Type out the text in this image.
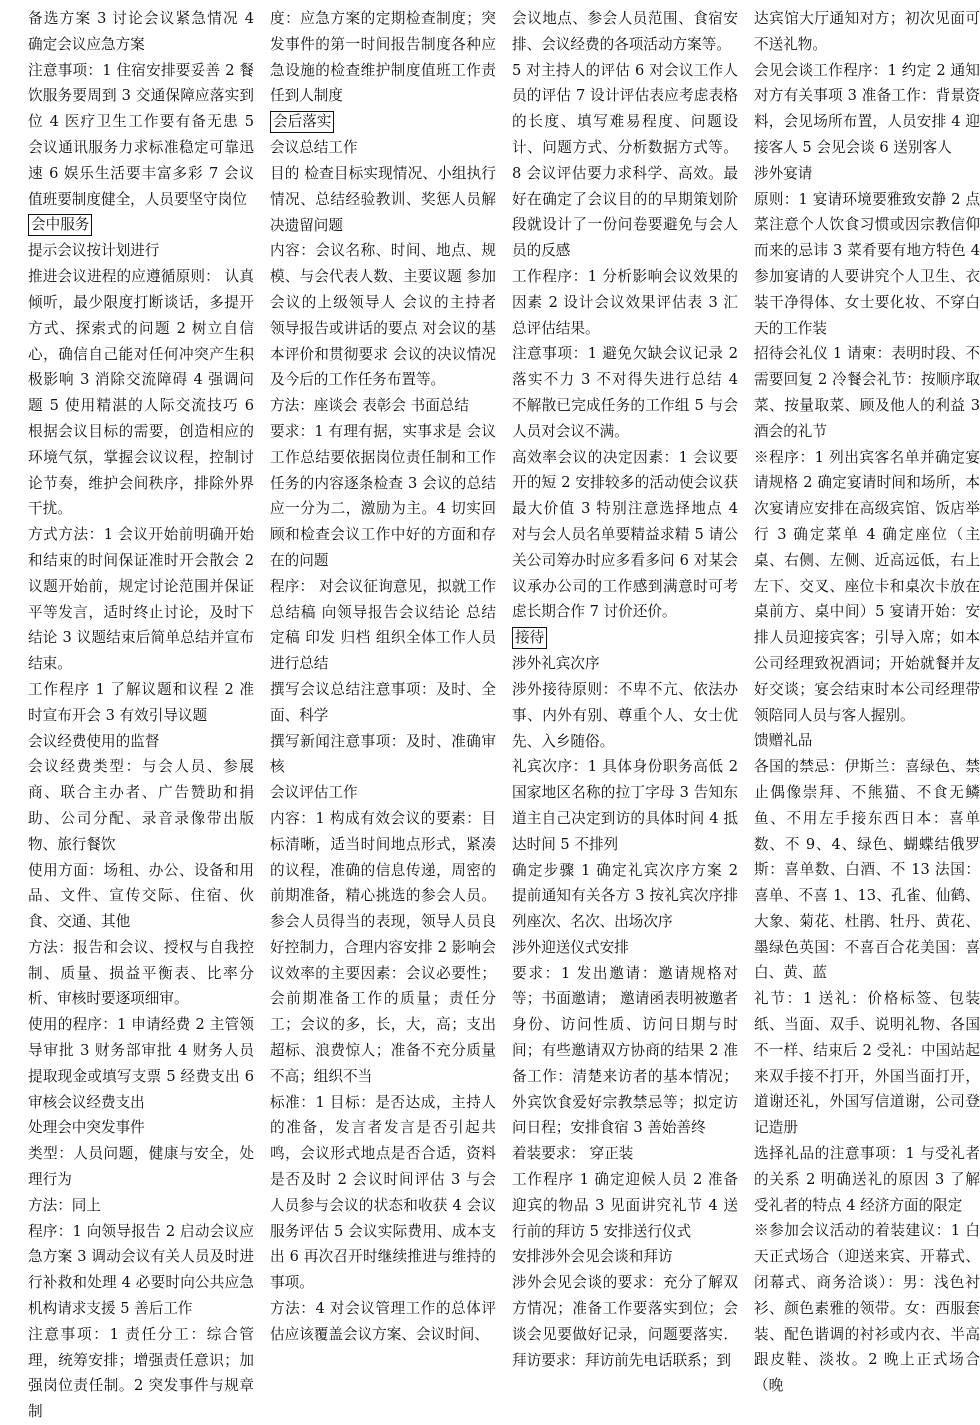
备选方案 3 讨论会议紧急情况 4 确定会议应急方案

注意事项：1 住宿安排要妥善 2 餐饮服务要周到 3 交通保障应落实到位 4 医疗卫生工作要有备无患 5 会议通讯服务力求标准稳定可靠迅速 6 娱乐生活要丰富多彩 7 会议值班要制度健全，人员要坚守岗位

会中服务

提示会议按计划进行

推进会议进程的应遵循原则： 认真倾听，最少限度打断谈话，多提开方式、探索式的问题 2 树立自信心，确信自己能对任何冲突产生积极影响 3 消除交流障碍 4 强调问题 5 使用精湛的人际交流技巧 6 根据会议目标的需要，创造相应的环境气氛，掌握会议议程，控制讨论节奏，维护会间秩序，排除外界干扰。

方式方法：1 会议开始前明确开始和结束的时间保证准时开会散会 2 议题开始前，规定讨论范围并保证平等发言，适时终止讨论，及时下结论 3 议题结束后简单总结并宣布结束。

工作程序 1 了解议题和议程 2 准时宣布开会 3 有效引导议题

会议经费使用的监督

会议经费类型：与会人员、参展商、联合主办者、广告赞助和捐助、公司分配、录音录像带出版物、旅行餐饮

使用方面：场租、办公、设备和用品、文件、宣传交际、住宿、伙食、交通、其他

方法：报告和会议、授权与自我控制、质量、损益平衡表、比率分析、审核时要逐项细审。

使用的程序：1 申请经费 2 主管领导审批 3 财务部审批 4 财务人员提取现金或填写支票 5 经费支出 6 审核会议经费支出

处理会中突发事件

类型：人员问题，健康与安全，处理行为

方法：同上

程序：1 向领导报告 2 启动会议应急方案 3 调动会议有关人员及时进行补救和处理 4 必要时向公共应急机构请求支援 5 善后工作

注意事项：1 责任分工：综合管理，统筹安排；增强责任意识；加强岗位责任制。2 突发事件与规章制

度：应急方案的定期检查制度；突发事件的第一时间报告制度各种应急设施的检查维护制度值班工作责任到人制度

会后落实

会议总结工作

目的 检查目标实现情况、小组执行情况、总结经验教训、奖惩人员解决遗留问题

内容：会议名称、时间、地点、规模、与会代表人数、主要议题 参加会议的上级领导人 会议的主持者 领导报告或讲话的要点 对会议的基本评价和贯彻要求 会议的决议情况及今后的工作任务布置等。

方法：座谈会 表彰会 书面总结

要求：1 有理有据，实事求是 会议工作总结要依据岗位责任制和工作任务的内容逐条检查 3 会议的总结应一分为二，激励为主。4 切实回顾和检查会议工作中好的方面和存在的问题

程序： 对会议征询意见，拟就工作总结稿 向领导报告会议结论 总结定稿 印发 归档 组织全体工作人员进行总结

撰写会议总结注意事项：及时、全面、科学

撰写新闻注意事项：及时、准确审核

会议评估工作

内容：1 构成有效会议的要素：目标清晰，适当时间地点形式，紧凑的议程，准确的信息传递，周密的前期准备，精心挑选的参会人员。参会人员得当的表现，领导人员良好控制力，合理内容安排 2 影响会议效率的主要因素：会议必要性；会前期准备工作的质量；责任分工；会议的多，长，大，高；支出超标、浪费惊人；准备不充分质量不高；组织不当

标准：1 目标：是否达成，主持人的准备，发言者发言是否引起共鸣，会议形式地点是否合适，资料是否及时 2 会议时间评估 3 与会人员参与会议的状态和收获 4 会议服务评估 5 会议实际费用、成本支出 6 再次召开时继续推进与维持的事项。

方法：4 对会议管理工作的总体评估应该覆盖会议方案、会议时间、

会议地点、参会人员范围、食宿安排、会议经费的各项活动方案等。

5 对主持人的评估 6 对会议工作人员的评估 7 设计评估表应考虑表格的长度、填写难易程度、问题设计、问题方式、分析数据方式等。8 会议评估要力求科学、高效。最好在确定了会议目的的早期策划阶段就设计了一份问卷要避免与会人员的反感

工作程序：1 分析影响会议效果的因素 2 设计会议效果评估表 3 汇总评估结果。

注意事项：1 避免欠缺会议记录 2 落实不力 3 不对得失进行总结 4 不解散已完成任务的工作组 5 与会人员对会议不满。

高效率会议的决定因素：1 会议要开的短 2 安排较多的活动使会议获最大价值 3 特别注意选择地点 4 对与会人员名单要精益求精 5 请公关公司筹办时应多看多问 6 对某会议承办公司的工作感到满意时可考虑长期合作 7 讨价还价。

接待

涉外礼宾次序

涉外接待原则：不卑不亢、依法办事、内外有别、尊重个人、女士优先、入乡随俗。

礼宾次序：1 具体身份职务高低 2 国家地区名称的拉丁字母 3 告知东道主自己决定到访的具体时间 4 抵达时间 5 不排列

确定步骤 1 确定礼宾次序方案 2 提前通知有关各方 3 按礼宾次序排列座次、名次、出场次序

涉外迎送仪式安排

要求：1 发出邀请：邀请规格对等；书面邀请； 邀请函表明被邀者身份、访问性质、访问日期与时间；有些邀请双方协商的结果 2 准备工作：清楚来访者的基本情况；外宾饮食爱好宗教禁忌等；拟定访问日程；安排食宿 3 善始善终

着装要求： 穿正装

工作程序 1 确定迎候人员 2 准备迎宾的物品 3 见面讲究礼节 4 送行前的拜访 5 安排送行仪式

安排涉外会见会谈和拜访

涉外会见会谈的要求：充分了解双方情况；准备工作要落实到位；会谈会见要做好记录，问题要落实．拜访要求：拜访前先电话联系；到

达宾馆大厅通知对方；初次见面可不送礼物。

会见会谈工作程序：1 约定 2 通知对方有关事项 3 准备工作：背景资料，会见场所布置，人员安排 4 迎接客人 5 会见会谈 6 送别客人

涉外宴请

原则：1 宴请环境要雅致安静 2 点菜注意个人饮食习惯或因宗教信仰而来的忌讳 3 菜肴要有地方特色 4 参加宴请的人要讲究个人卫生、衣装干净得体、女士要化妆、不穿白天的工作装

招待会礼仪 1 请柬：表明时段、不需要回复 2 冷餐会礼节：按顺序取菜、按量取菜、顾及他人的利益 3 酒会的礼节

※程序：1 列出宾客名单并确定宴请规格 2 确定宴请时间和场所，本次宴请应安排在高级宾馆、饭店举行 3 确定菜单 4 确定座位（主桌、右侧、左侧、近高远低，右上左下、交叉、座位卡和桌次卡放在桌前方、桌中间）5 宴请开始：安排人员迎接宾客；引导入席；如本公司经理致祝酒词；开始就餐并友好交谈；宴会结束时本公司经理带领陪同人员与客人握别。

馈赠礼品

各国的禁忌：伊斯兰：喜绿色、禁止偶像崇拜、不熊猫、不食无鳞鱼、不用左手接东西日本：喜单数、不 9、4、绿色、蝴蝶结俄罗斯：喜单数、白酒、不 13 法国：喜单、不喜 1、13、孔雀、仙鹤、大象、菊花、杜鹃、牡丹、黄花、墨绿色英国：不喜百合花美国：喜白、黄、蓝

礼节：1 送礼：价格标签、包装纸、当面、双手、说明礼物、各国不一样、结束后 2 受礼：中国站起来双手接不打开，外国当面打开，道谢还礼，外国写信道谢，公司登记造册

选择礼品的注意事项：1 与受礼者的关系 2 明确送礼的原因 3 了解受礼者的特点 4 经济方面的限定

※参加会议活动的着装建议：1 白天正式场合（迎送来宾、开幕式、闭幕式、商务洽谈）：男：浅色衬衫、颜色素雅的领带。女：西服套装、配色谐调的衬衫或内衣、半高跟皮鞋、淡妆。2 晚上正式场合（晚
